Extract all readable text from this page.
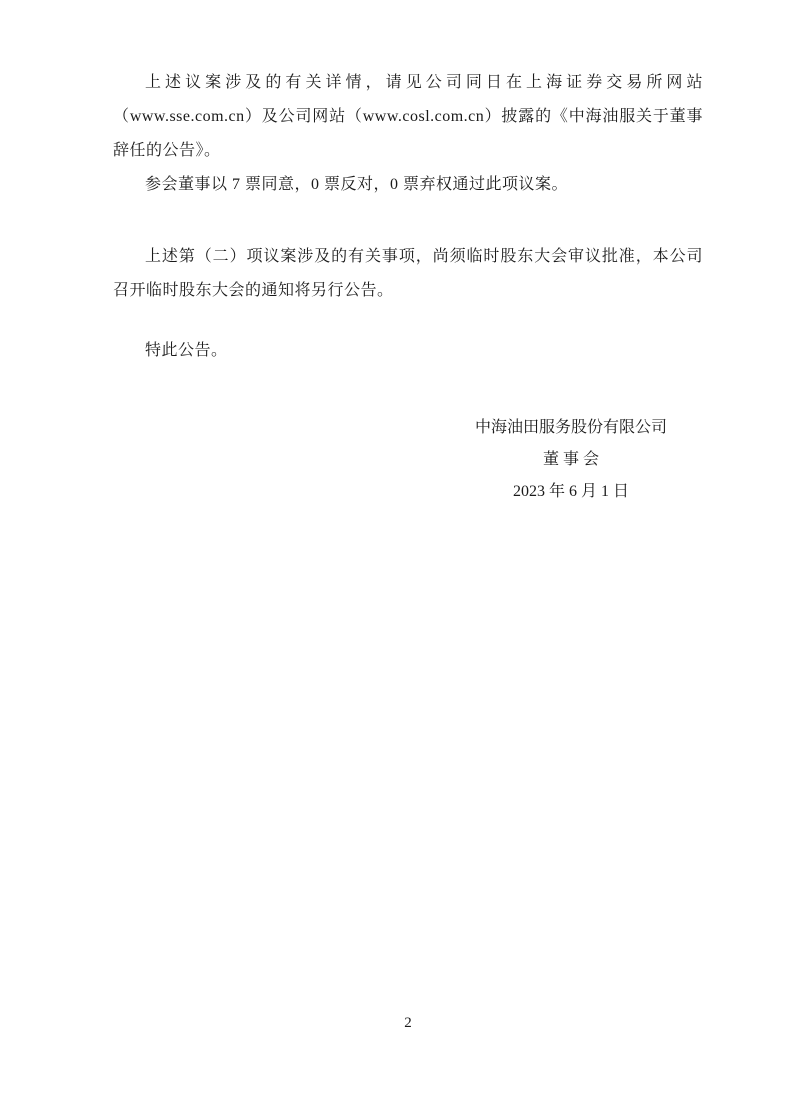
上述议案涉及的有关详情，请见公司同日在上海证券交易所网站（www.sse.com.cn）及公司网站（www.cosl.com.cn）披露的《中海油服关于董事辞任的公告》。

参会董事以 7 票同意，0 票反对，0 票弃权通过此项议案。

上述第（二）项议案涉及的有关事项，尚须临时股东大会审议批准，本公司召开临时股东大会的通知将另行公告。

特此公告。

中海油田服务股份有限公司
董 事 会
2023 年 6 月 1 日
2
